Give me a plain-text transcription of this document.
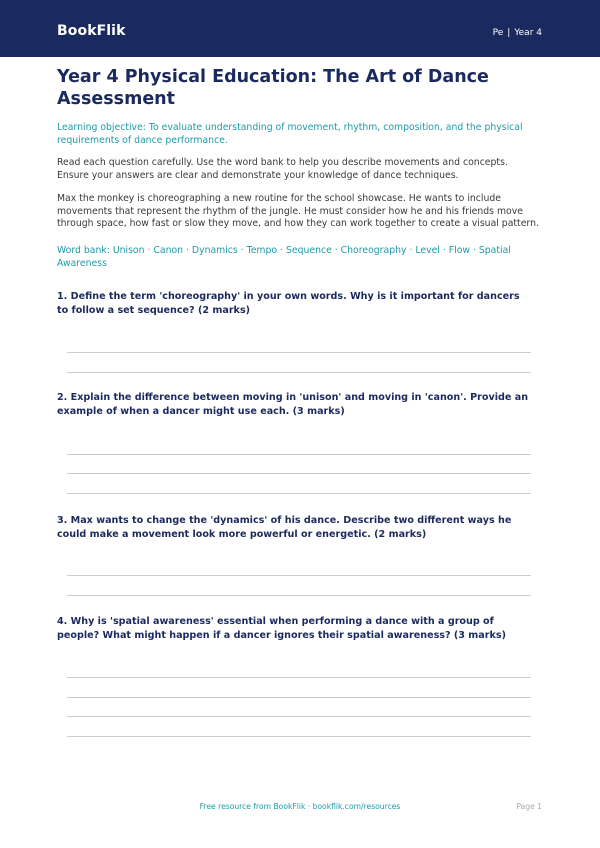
BookFlik	Pe | Year 4
Year 4 Physical Education: The Art of Dance Assessment
Learning objective: To evaluate understanding of movement, rhythm, composition, and the physical requirements of dance performance.
Read each question carefully. Use the word bank to help you describe movements and concepts. Ensure your answers are clear and demonstrate your knowledge of dance techniques.
Max the monkey is choreographing a new routine for the school showcase. He wants to include movements that represent the rhythm of the jungle. He must consider how he and his friends move through space, how fast or slow they move, and how they can work together to create a visual pattern.
Word bank: Unison · Canon · Dynamics · Tempo · Sequence · Choreography · Level · Flow · Spatial Awareness
1. Define the term 'choreography' in your own words. Why is it important for dancers to follow a set sequence? (2 marks)
2. Explain the difference between moving in 'unison' and moving in 'canon'. Provide an example of when a dancer might use each. (3 marks)
3. Max wants to change the 'dynamics' of his dance. Describe two different ways he could make a movement look more powerful or energetic. (2 marks)
4. Why is 'spatial awareness' essential when performing a dance with a group of people? What might happen if a dancer ignores their spatial awareness? (3 marks)
Free resource from BookFlik · bookflik.com/resources	Page 1
